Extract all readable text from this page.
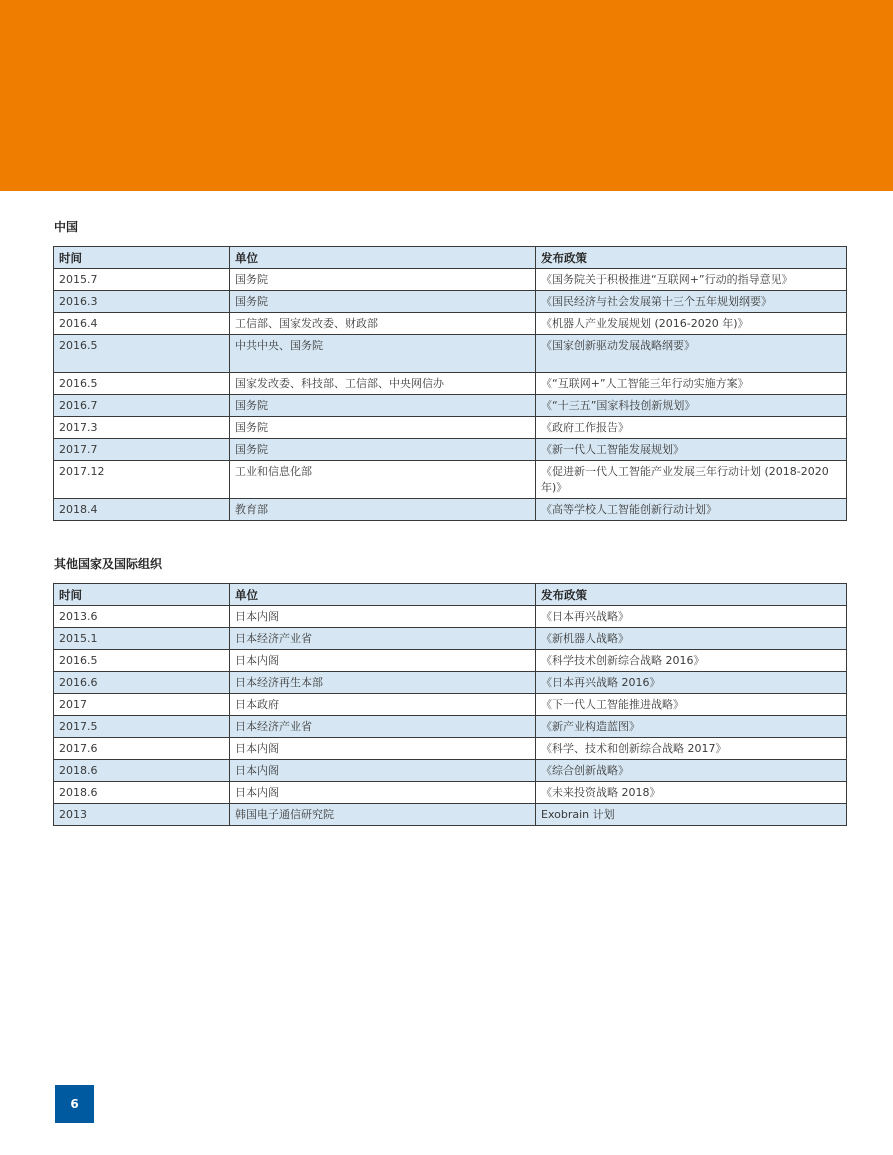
中国
时间	单位	发布政策
2015.7	国务院	《国务院关于积极推进“互联网+”行动的指导意见》
2016.3	国务院	《国民经济与社会发展第十三个五年规划纲要》
2016.4	工信部、国家发改委、财政部	《机器人产业发展规划 (2016-2020 年)》
2016.5	中共中央、国务院	《国家创新驱动发展战略纲要》
2016.5	国家发改委、科技部、工信部、中央网信办	《“互联网+”人工智能三年行动实施方案》
2016.7	国务院	《“十三五”国家科技创新规划》
2017.3	国务院	《政府工作报告》
2017.7	国务院	《新一代人工智能发展规划》
2017.12	工业和信息化部	《促进新一代人工智能产业发展三年行动计划 (2018-2020 年)》
2018.4	教育部	《高等学校人工智能创新行动计划》
其他国家及国际组织
时间	单位	发布政策
2013.6	日本内阁	《日本再兴战略》
2015.1	日本经济产业省	《新机器人战略》
2016.5	日本内阁	《科学技术创新综合战略 2016》
2016.6	日本经济再生本部	《日本再兴战略 2016》
2017	日本政府	《下一代人工智能推进战略》
2017.5	日本经济产业省	《新产业构造蓝图》
2017.6	日本内阁	《科学、技术和创新综合战略 2017》
2018.6	日本内阁	《综合创新战略》
2018.6	日本内阁	《未来投资战略 2018》
2013	韩国电子通信研究院	Exobrain 计划
6
